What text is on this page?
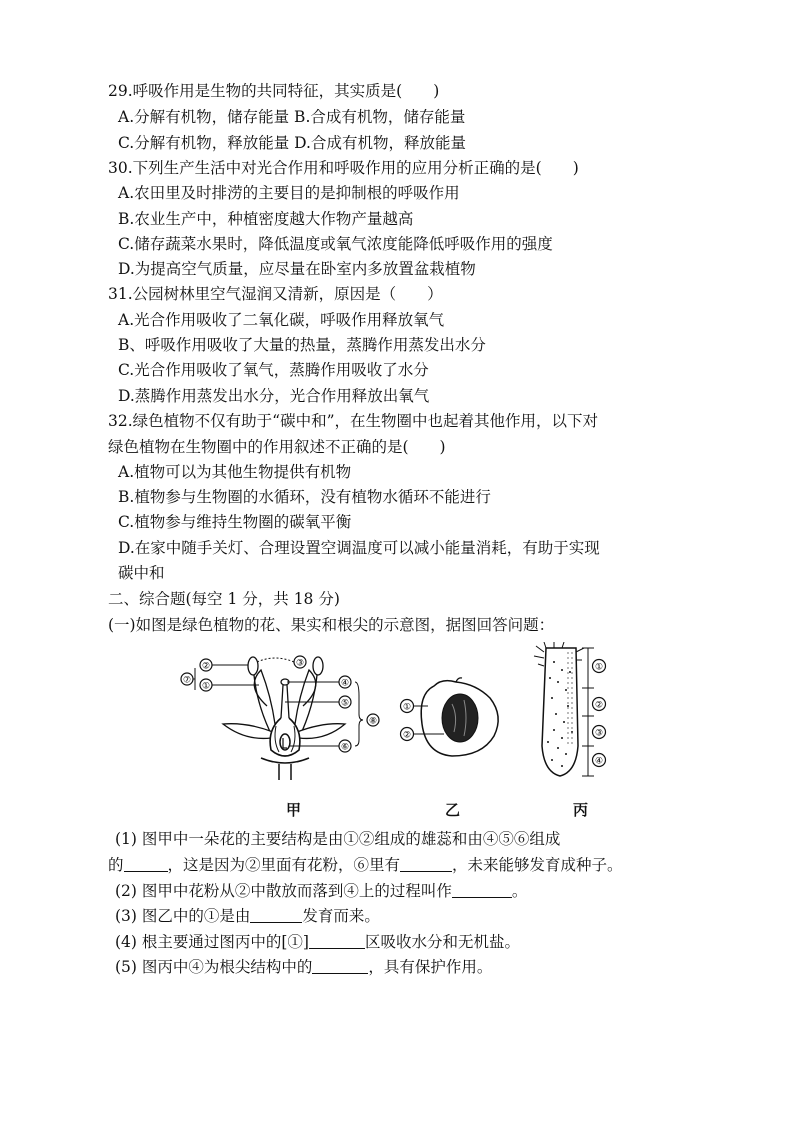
29.呼吸作用是生物的共同特征，其实质是(　　)
A.分解有机物，储存能量 B.合成有机物，储存能量
C.分解有机物，释放能量 D.合成有机物，释放能量
30.下列生产生活中对光合作用和呼吸作用的应用分析正确的是(　　)
A.农田里及时排涝的主要目的是抑制根的呼吸作用
B.农业生产中，种植密度越大作物产量越高
C.储存蔬菜水果时，降低温度或氧气浓度能降低呼吸作用的强度
D.为提高空气质量，应尽量在卧室内多放置盆栽植物
31.公园树林里空气湿润又清新，原因是（　　）
A.光合作用吸收了二氧化碳，呼吸作用释放氧气
B、呼吸作用吸收了大量的热量，蒸腾作用蒸发出水分
C.光合作用吸收了氧气，蒸腾作用吸收了水分
D.蒸腾作用蒸发出水分，光合作用释放出氧气
32.绿色植物不仅有助于“碳中和”，在生物圈中也起着其他作用，以下对
绿色植物在生物圈中的作用叙述不正确的是(　　)
A.植物可以为其他生物提供有机物
B.植物参与生物圈的水循环，没有植物水循环不能进行
C.植物参与维持生物圈的碳氧平衡
D.在家中随手关灯、合理设置空调温度可以减小能量消耗，有助于实现
碳中和
二、综合题(每空 1 分，共 18 分)
(一)如图是绿色植物的花、果实和根尖的示意图，据图回答问题：
②
⑦
①
③
④
⑤
⑥
⑧
①
②
①
②
③
④
甲	乙	丙
(1) 图甲中一朵花的主要结构是由①②组成的雄蕊和由④⑤⑥组成
的	，这是因为②里面有花粉，⑥里有	，未来能够发育成种子。
(2) 图甲中花粉从②中散放而落到④上的过程叫作	。
(3) 图乙中的①是由	发育而来。
(4) 根主要通过图丙中的[①]	区吸收水分和无机盐。
(5) 图丙中④为根尖结构中的	，具有保护作用。
